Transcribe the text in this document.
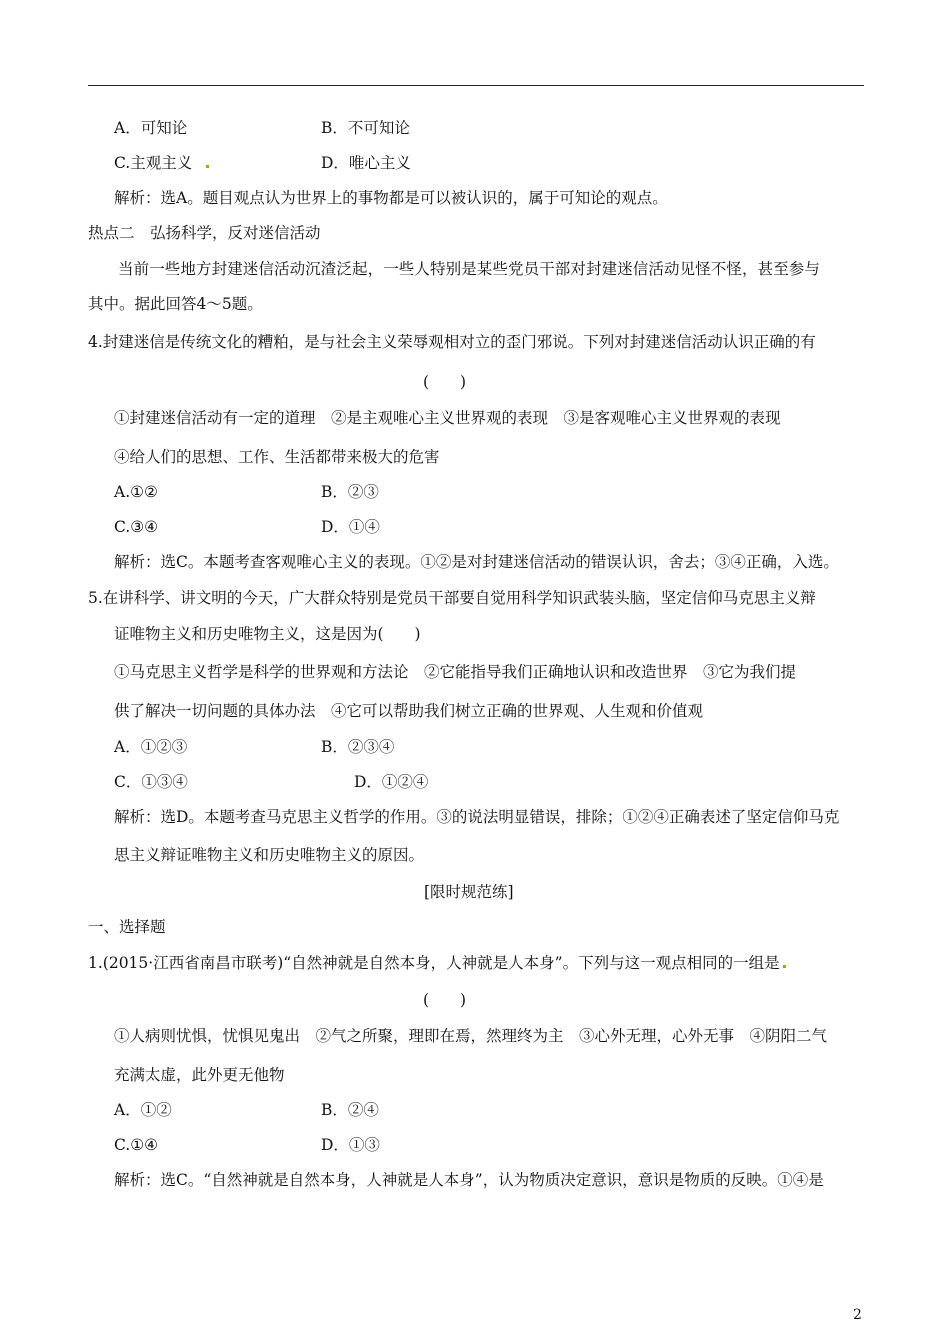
A．可知论	B．不可知论
C.主观主义	D．唯心主义
解析：选A。题目观点认为世界上的事物都是可以被认识的，属于可知论的观点。
热点二　弘扬科学，反对迷信活动
当前一些地方封建迷信活动沉渣泛起，一些人特别是某些党员干部对封建迷信活动见怪不怪，甚至参与
其中。据此回答4～5题。
4.封建迷信是传统文化的糟粕，是与社会主义荣辱观相对立的歪门邪说。下列对封建迷信活动认识正确的有
(　　)
①封建迷信活动有一定的道理　②是主观唯心主义世界观的表现　③是客观唯心主义世界观的表现
④给人们的思想、工作、生活都带来极大的危害
A.①②	B．②③
C.③④	D．①④
解析：选C。本题考查客观唯心主义的表现。①②是对封建迷信活动的错误认识，舍去；③④正确，入选。
5.在讲科学、讲文明的今天，广大群众特别是党员干部要自觉用科学知识武装头脑，坚定信仰马克思主义辩
证唯物主义和历史唯物主义，这是因为(　　)
①马克思主义哲学是科学的世界观和方法论　②它能指导我们正确地认识和改造世界　③它为我们提
供了解决一切问题的具体办法　④它可以帮助我们树立正确的世界观、人生观和价值观
A．①②③	B．②③④
C．①③④	D．①②④
解析：选D。本题考查马克思主义哲学的作用。③的说法明显错误，排除；①②④正确表述了坚定信仰马克
思主义辩证唯物主义和历史唯物主义的原因。
[限时规范练]
一、选择题
1.(2015·江西省南昌市联考)“自然神就是自然本身，人神就是人本身”。下列与这一观点相同的一组是
(　　)
①人病则忧惧，忧惧见鬼出　②气之所聚，理即在焉，然理终为主　③心外无理，心外无事　④阴阳二气
充满太虚，此外更无他物
A．①②	B．②④
C.①④	D．①③
解析：选C。“自然神就是自然本身，人神就是人本身”，认为物质决定意识，意识是物质的反映。①④是
2
